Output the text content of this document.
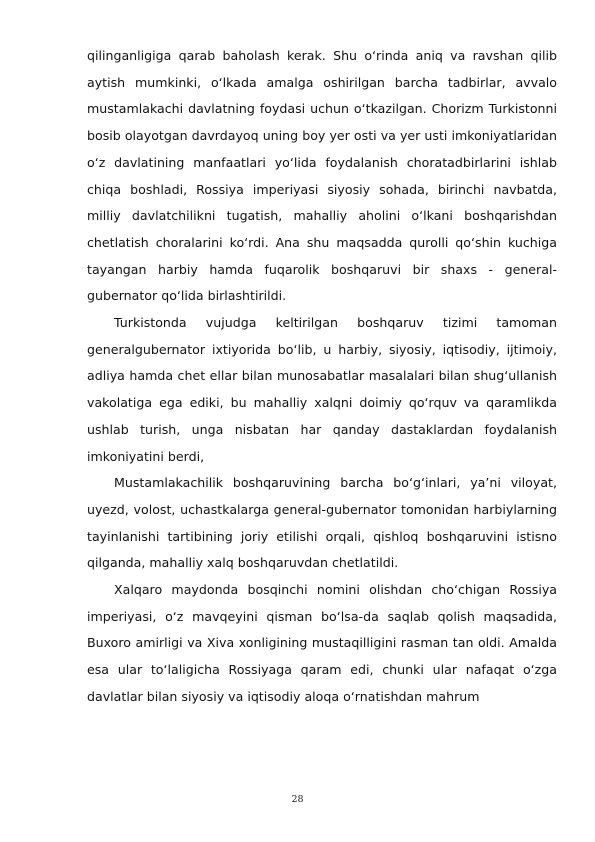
qilinganligiga qarab baholash kerak. Shu o‘rinda aniq va ravshan qilib aytish mumkinki, o‘lkada amalga oshirilgan barcha tadbirlar, avvalo mustamlakachi davlatning foydasi uchun o‘tkazilgan. Chorizm Turkistonni bosib olayotgan davrdayoq uning boy yer osti va yer usti imkoniyatlaridan o‘z davlatining manfaatlari yo‘lida foydalanish choratadbirlarini ishlab chiqa boshladi, Rossiya imperiyasi siyosiy sohada, birinchi navbatda, milliy davlatchilikni tugatish, mahalliy aholini o‘lkani boshqarishdan chetlatish choralarini ko‘rdi. Ana shu maqsadda qurolli qo‘shin kuchiga tayangan harbiy hamda fuqarolik boshqaruvi bir shaxs - general-gubernator qo‘lida birlashtirildi.

Turkistonda vujudga keltirilgan boshqaruv tizimi tamoman generalgubernator ixtiyorida bo‘lib, u harbiy, siyosiy, iqtisodiy, ijtimoiy, adliya hamda chet ellar bilan munosabatlar masalalari bilan shug‘ullanish vakolatiga ega ediki, bu mahalliy xalqni doimiy qo‘rquv va qaramlikda ushlab turish, unga nisbatan har qanday dastaklardan foydalanish imkoniyatini berdi,

Mustamlakachilik boshqaruvining barcha bo‘g‘inlari, ya’ni viloyat, uyezd, volost, uchastkalarga general-gubernator tomonidan harbiylarning tayinlanishi tartibining joriy etilishi orqali, qishloq boshqaruvini istisno qilganda, mahalliy xalq boshqaruvdan chetlatildi.

Xalqaro maydonda bosqinchi nomini olishdan cho‘chigan Rossiya imperiyasi, o‘z mavqeyini qisman bo‘lsa-da saqlab qolish maqsadida, Buxoro amirligi va Xiva xonligining mustaqilligini rasman tan oldi. Amalda esa ular to‘laligicha Rossiyaga qaram edi, chunki ular nafaqat o‘zga davlatlar bilan siyosiy va iqtisodiy aloqa o‘rnatishdan mahrum

28
